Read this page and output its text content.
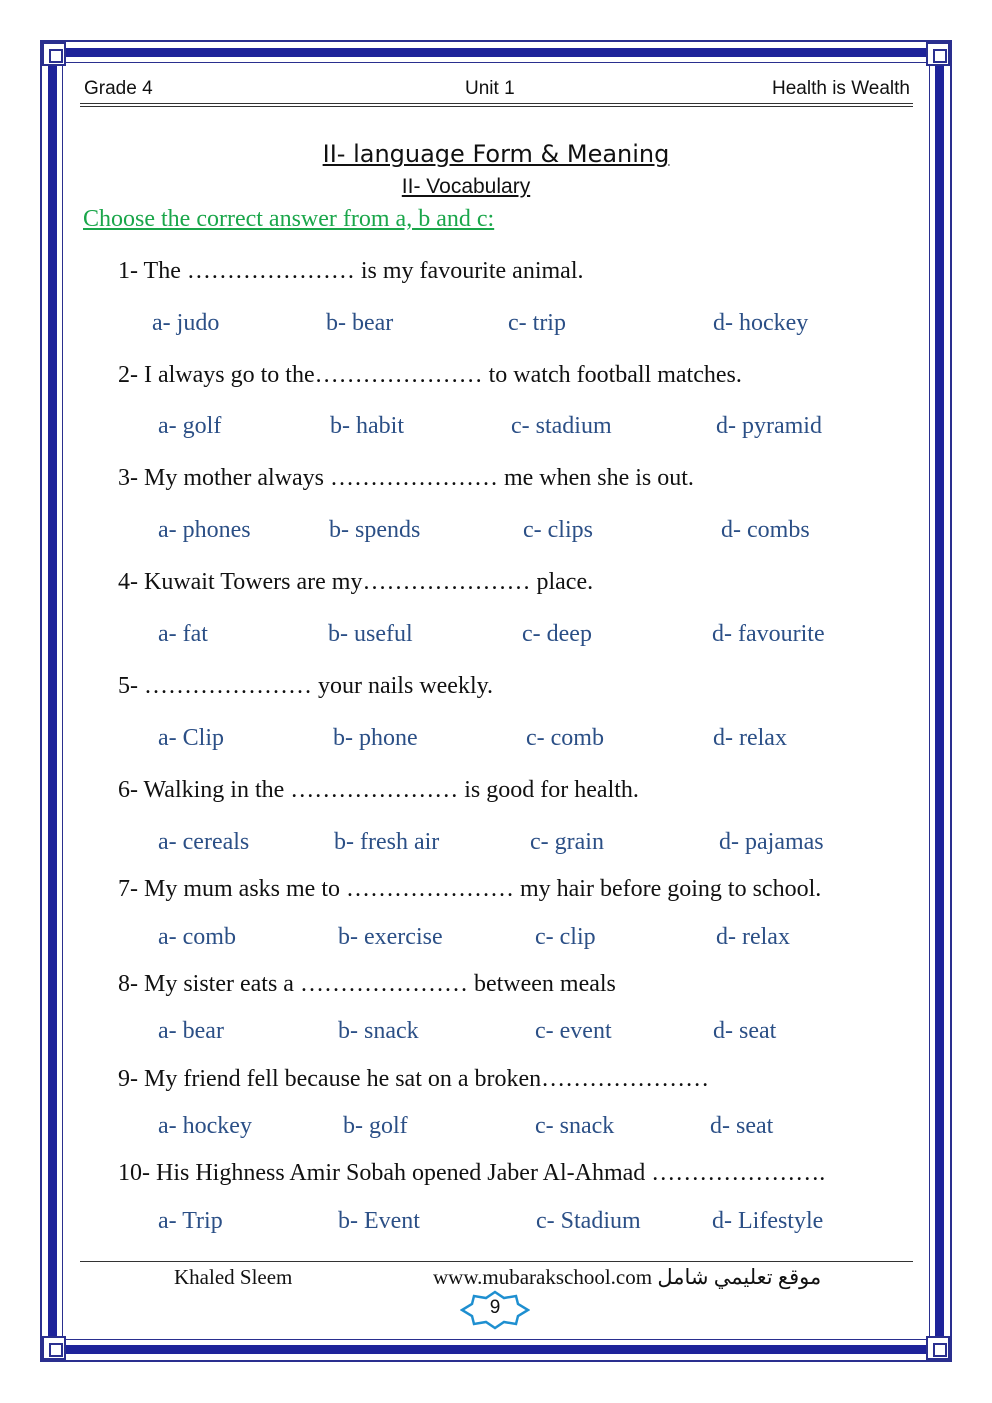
Grade 4	Unit 1	Health is Wealth
II- language Form & Meaning
II- Vocabulary
Choose the correct answer from a, b and c:
1- The ………………… is my favourite animal.
a- judo	b- bear	c- trip	d- hockey
2- I always go to the………………… to watch football matches.
a- golf	b- habit	c- stadium	d- pyramid
3- My mother always ………………… me when she is out.
a- phones	b- spends	c- clips	d- combs
4- Kuwait Towers are my………………… place.
a- fat	b- useful	c- deep	d- favourite
5- ………………… your nails weekly.
a- Clip	b- phone	c- comb	d- relax
6- Walking in the ………………… is good for health.
a- cereals	b- fresh air	c- grain	d- pajamas
7- My mum asks me to ………………… my hair before going to school.
a- comb	b- exercise	c- clip	d- relax
8- My sister eats a ………………… between meals
a- bear	b- snack	c- event	d- seat
9- My friend fell because he sat on a broken…………………
a- hockey	b- golf	c- snack	d- seat
10- His Highness Amir Sobah opened Jaber Al-Ahmad ………………….
a- Trip	b- Event	c- Stadium	d- Lifestyle
Khaled Sleem	www.mubarakschool.com موقع تعليمي شامل
9
